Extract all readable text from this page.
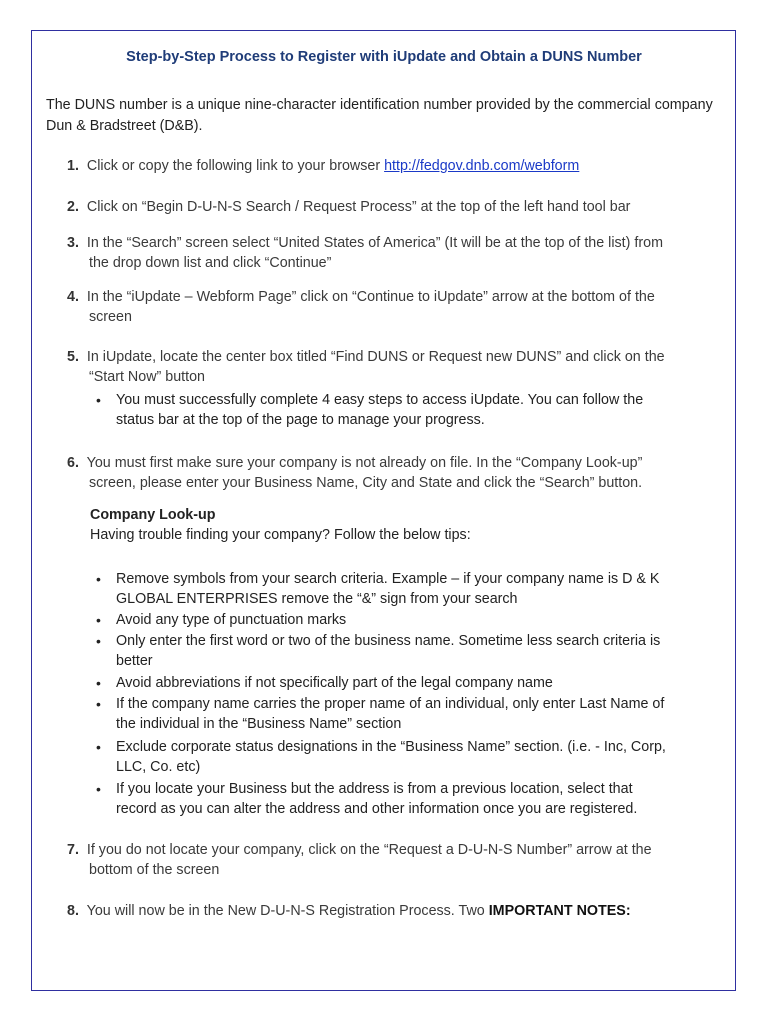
Step-by-Step Process to Register with iUpdate and Obtain a DUNS Number

The DUNS number is a unique nine-character identification number provided by the commercial company Dun & Bradstreet (D&B).

1. Click or copy the following link to your browser http://fedgov.dnb.com/webform

2. Click on “Begin D-U-N-S Search / Request Process” at the top of the left hand tool bar

3. In the “Search” screen select “United States of America” (It will be at the top of the list) from
the drop down list and click “Continue”

4. In the “iUpdate – Webform Page” click on “Continue to iUpdate” arrow at the bottom of the
screen

5. In iUpdate, locate the center box titled “Find DUNS or Request new DUNS” and click on the
“Start Now” button

• You must successfully complete 4 easy steps to access iUpdate. You can follow the
status bar at the top of the page to manage your progress.

6. You must first make sure your company is not already on file. In the “Company Look-up”
screen, please enter your Business Name, City and State and click the “Search” button.

Company Look-up
Having trouble finding your company? Follow the below tips:

• Remove symbols from your search criteria. Example – if your company name is D & K
GLOBAL ENTERPRISES remove the “&” sign from your search

• Avoid any type of punctuation marks

• Only enter the first word or two of the business name. Sometime less search criteria is
better

• Avoid abbreviations if not specifically part of the legal company name

• If the company name carries the proper name of an individual, only enter Last Name of
the individual in the “Business Name” section

• Exclude corporate status designations in the “Business Name” section. (i.e. - Inc, Corp,
LLC, Co. etc)

• If you locate your Business but the address is from a previous location, select that
record as you can alter the address and other information once you are registered.

7. If you do not locate your company, click on the “Request a D-U-N-S Number” arrow at the
bottom of the screen

8. You will now be in the New D-U-N-S Registration Process. Two IMPORTANT NOTES:
